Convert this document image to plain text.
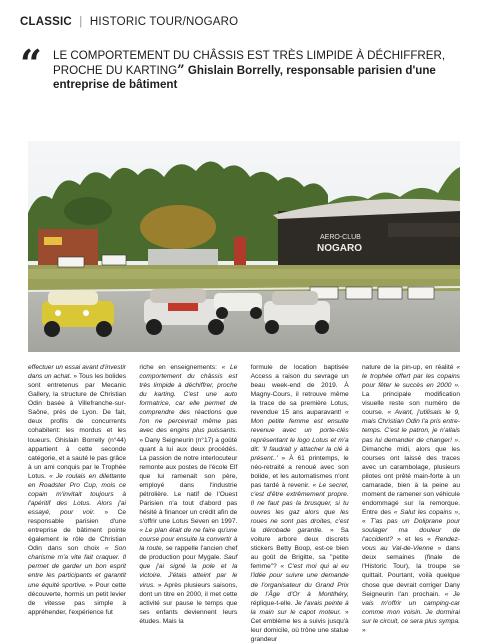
CLASSIC | HISTORIC TOUR/NOGARO
“ LE COMPORTEMENT DU CHÂSSIS EST TRÈS LIMPIDE À DÉCHIFFRER, PROCHE DU KARTING” Ghislain Borrelly, responsable parisien d'une entreprise de bâtiment
AERO-CLUB
NOGARO
effectuer un essai avant d'investir dans un achat. » Tous les bolides sont entretenus par Mecanic Gallery, la structure de Christian Odin basée à Villefranche-sur-Saône, près de Lyon. De fait, deux profils de concurrents cohabitent: les mordus et les loueurs. Ghislain Borrelly (n°44) appartient à cette seconde catégorie, et a sauté le pas grâce à un ami conquis par le Trophée Lotus. « Je roulais en dilettante en Roadster Pro Cup, mois ce copain m'invitait toujours à l'apéritif des Lotus. Alors j'ai essayé, pour voir. » Ce responsable parisien d'une entreprise de bâtiment pointe également le rôle de Christian Odin dans son choix « Son charisme m'a vite fait craquer. Il permet de garder un bon esprit entre les participants et garantit une équité sportive. » Pour cette découverte, hormis un petit levier de vitesse pas simple à appréhender, l'expérience fut
riche en enseignements: « Le comportement du châssis est très limpide à déchiffrer, proche du karting. C'est une auto formatrice, car elle permet de comprendre des réactions que l'on ne percevrait même pas avec des engins plus puissants. » Dany Seigneurin (n°17) a goûté quant à lui aux deux procédés. La passion de notre interlocuteur remonte aux postes de l'école Elf que lui ramenait son père, employé dans l'industrie pétrolière. Le natif de l'Ouest Parisien n'a tout d'abord pas hésité à financer un crédit afin de s'offrir une Lotus Seven en 1997. « Le plan était de ne faire qu'une course pour ensuite la convertir à la route, se rappelle l'ancien chef de production pour Mygale. Sauf que j'ai signé la pole et la victoire. J'étais atteint par le virus. » Après plusieurs saisons, dont un titre en 2000, il met cette activité sur pause le temps que ses enfants deviennent leurs études. Mais la
formule de location baptisée Access a raison du sevrage un beau week-end de 2019. À Magny-Cours, il retrouve même la trace de sa première Lotus, revendue 15 ans auparavant! « Mon petite femme est ensuite revenue avec un porte-clés représentant le logo Lotus et m'a dit: 'Il faudrait y attacher la clé à présent..' » À 61 printemps, le néo-retraité a renoué avec son bolide, et les automatismes n'ont pas tardé à revenir. « Le secret, c'est d'être extrêmement propre. Il ne faut pas la brusquer, si tu ouvres les gaz alors que les roues ne sont pas droites, c'est la dérobade garantie. » Sa voiture arbore deux discrets stickers Betty Boop, est-ce bien au goût de Brigitte, sa "petite femme"? « C'est moi qui ai eu l'idée pour suivre une demande de l'organisateur du Grand Prix de l'Âge d'Or à Montlhéry, réplique-t-elle. Je l'avais peinte à la main sur le capot moteur. » Cet emblème les a suivis jusqu'à leur domicile, où trône une statue grandeur
nature de la pin-up, en réalité « le trophée offert par les copains pour fêter le succès en 2000 ». La principale modification visuelle reste son numéro de course. « Avant, j'utilisais le 9, mais Christian Odin l'a pris entre-temps. C'est le patron, je n'allais pas lui demander de changer! ». Dimanche midi, alors que les courses ont laissé des traces avec un carambolage, plusieurs pilotes ont prêté main-forte à un camarade, bien à la peine au moment de ramener son véhicule endommagé sur la remorque. Entre des « Salut les copains », « T'as pas un Doliprane pour soulager ma douleur de l'accident? » et les « Rendez-vous au Val-de-Vienne » dans deux semaines (finale de l'Historic Tour), la troupe se quittait. Pourtant, voilà quelque chose que devrait corriger Dany Seigneurin l'an prochain. « Je vais m'offrir un camping-car comme mon voisin. Je dormirai sur le circuit, ce sera plus sympa. »
